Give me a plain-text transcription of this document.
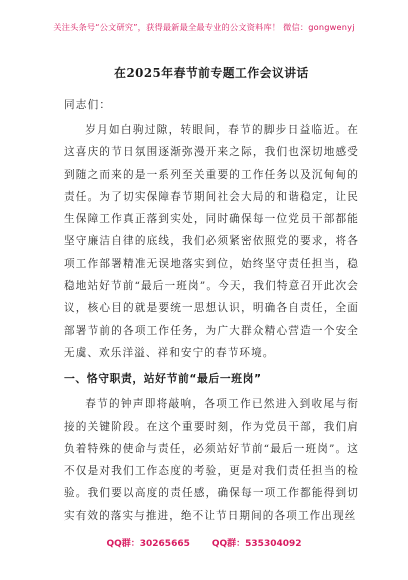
关注头条号“公文研究”，获得最新最全最专业的公文资料库！ 微信：gongwenyj
在2025年春节前专题工作会议讲话

同志们：

岁月如白驹过隙，转眼间，春节的脚步日益临近。在这喜庆的节日氛围逐渐弥漫开来之际，我们也深切地感受到随之而来的是一系列至关重要的工作任务以及沉甸甸的责任。为了切实保障春节期间社会大局的和谐稳定，让民生保障工作真正落到实处，同时确保每一位党员干部都能坚守廉洁自律的底线，我们必须紧密依照党的要求，将各项工作部署精准无误地落实到位，始终坚守责任担当，稳稳地站好节前“最后一班岗”。今天，我们特意召开此次会议，核心目的就是要统一思想认识，明确各自责任，全面部署节前的各项工作任务，为广大群众精心营造一个安全无虞、欢乐洋溢、祥和安宁的春节环境。

一、恪守职责，站好节前“最后一班岗”

春节的钟声即将敲响，各项工作已然进入到收尾与衔接的关键阶段。在这个重要时刻，作为党员干部，我们肩负着特殊的使命与责任，必须站好节前“最后一班岗”。这不仅是对我们工作态度的考验，更是对我们责任担当的检验。我们要以高度的责任感，确保每一项工作都能得到切实有效的落实与推进，绝不让节日期间的各项工作出现丝

QQ群：30265665 QQ群：535304092
